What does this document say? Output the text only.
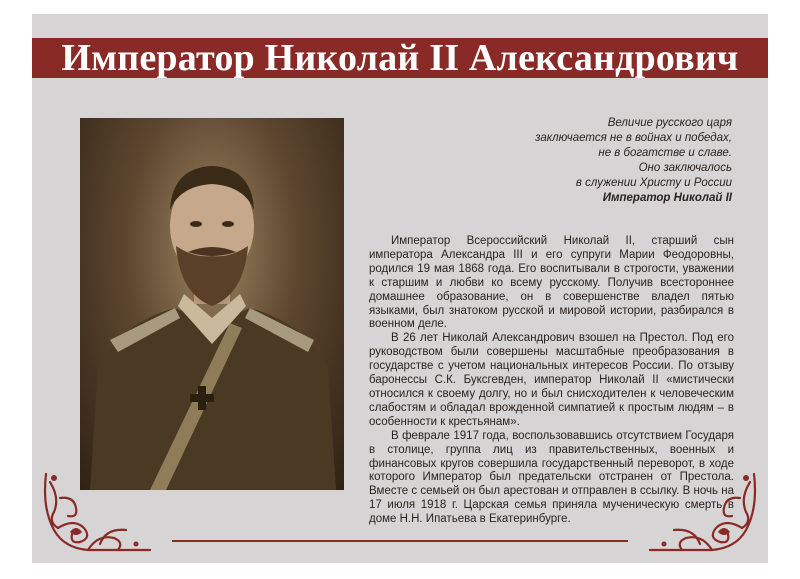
Император Николай II Александрович
Величие русского царя
заключается не в войнах и победах,
не в богатстве и славе.
Оно заключалось
в служении Христу и России
Император Николай II

Император Всероссийский Николай II, старший сын императора Александра III и его супруги Марии Феодоровны, родился 19 мая 1868 года. Его воспитывали в строгости, уважении к старшим и любви ко всему русскому. Получив всестороннее домашнее образование, он в совершенстве владел пятью языками, был знатоком русской и мировой истории, разбирался в военном деле.

В 26 лет Николай Александрович взошел на Престол. Под его руководством были совершены масштабные преобразования в государстве с учетом национальных интересов России. По отзыву баронессы С.К. Буксгевден, император Николай II «мистически относился к своему долгу, но и был снисходителен к человеческим слабостям и обладал врожденной симпатией к простым людям – в особенности к крестьянам».

В феврале 1917 года, воспользовавшись отсутствием Государя в столице, группа лиц из правительственных, военных и финансовых кругов совершила государственный переворот, в ходе которого Император был предательски отстранен от Престола. Вместе с семьей он был арестован и отправлен в ссылку. В ночь на 17 июля 1918 г. Царская семья приняла мученическую смерть в доме Н.Н. Ипатьева в Екатеринбурге.
